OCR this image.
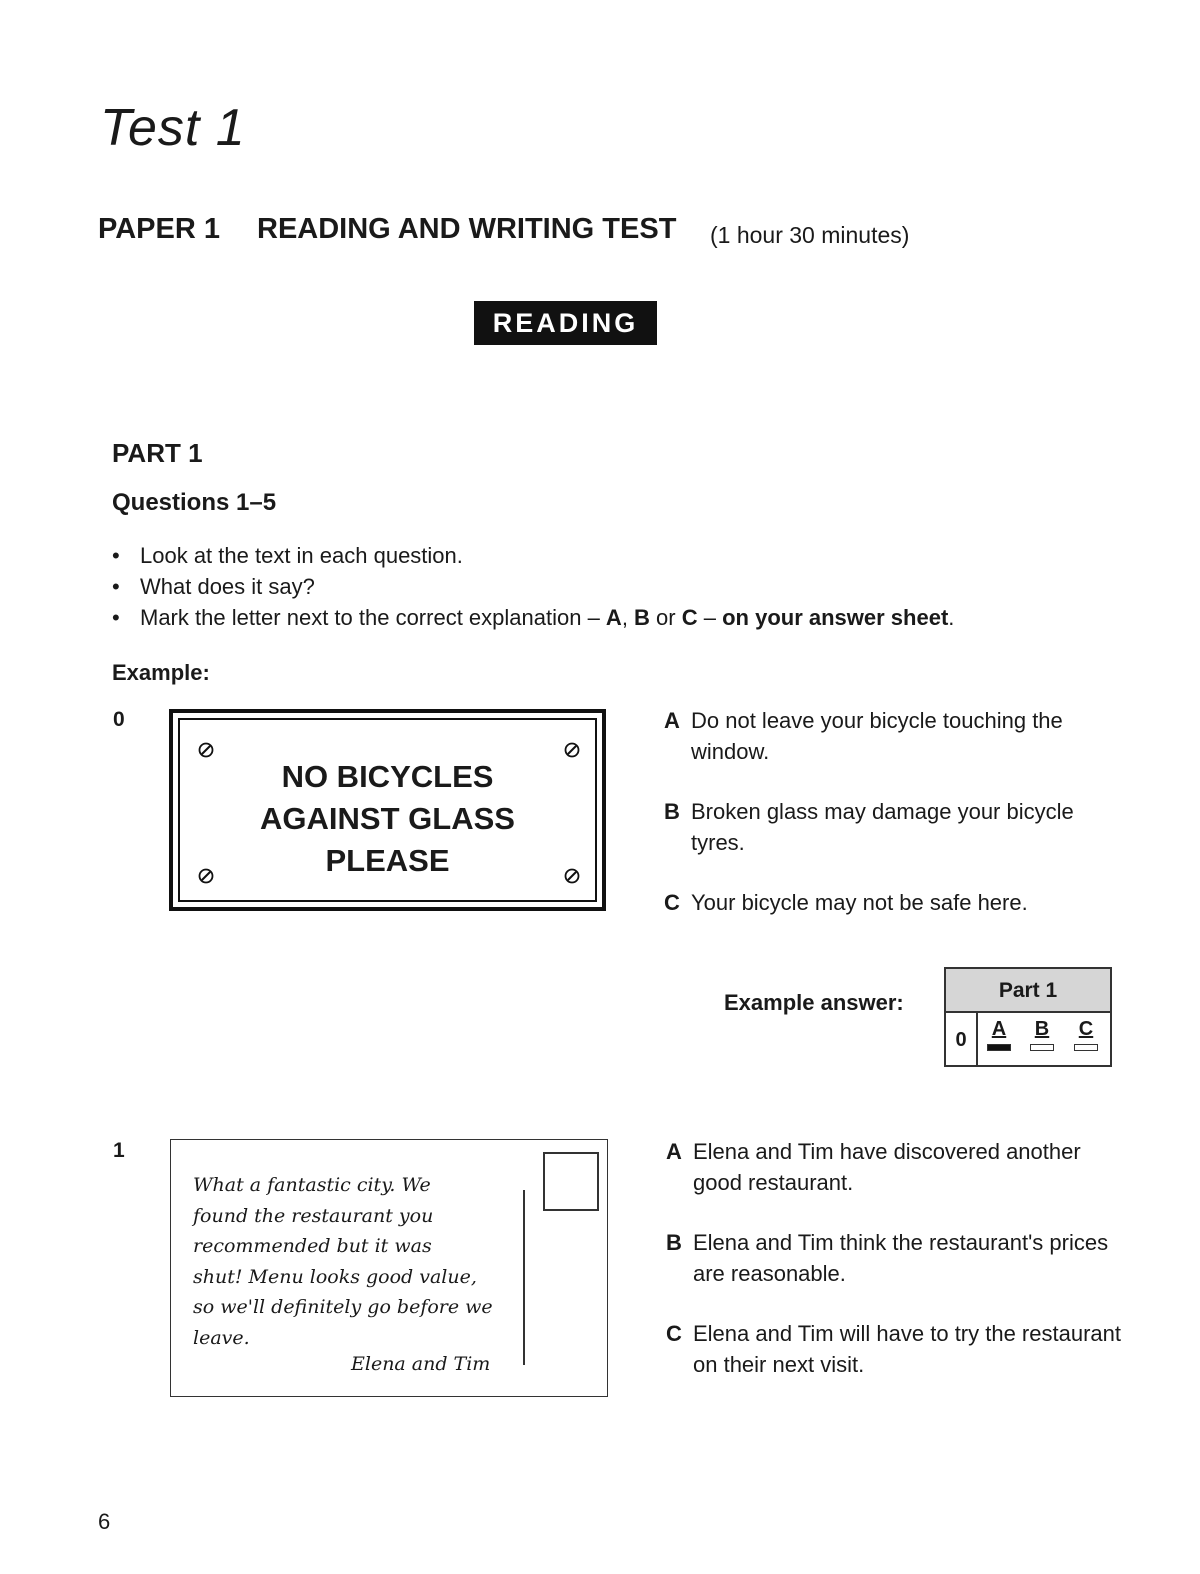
Test 1
PAPER 1 READING AND WRITING TEST (1 hour 30 minutes)
READING
PART 1
Questions 1–5
• Look at the text in each question.
• What does it say?
• Mark the letter next to the correct explanation – A, B or C – on your answer sheet.
Example:
0
NO BICYCLES
AGAINST GLASS
PLEASE
A Do not leave your bicycle touching the window.
B Broken glass may damage your bicycle tyres.
C Your bicycle may not be safe here.
Example answer:	Part 1
0	A	B	C
1
What a fantastic city. We
found the restaurant you
recommended but it was
shut! Menu looks good value,
so we'll definitely go before we
leave.
Elena and Tim
A Elena and Tim have discovered another good restaurant.
B Elena and Tim think the restaurant's prices are reasonable.
C Elena and Tim will have to try the restaurant on their next visit.
6
